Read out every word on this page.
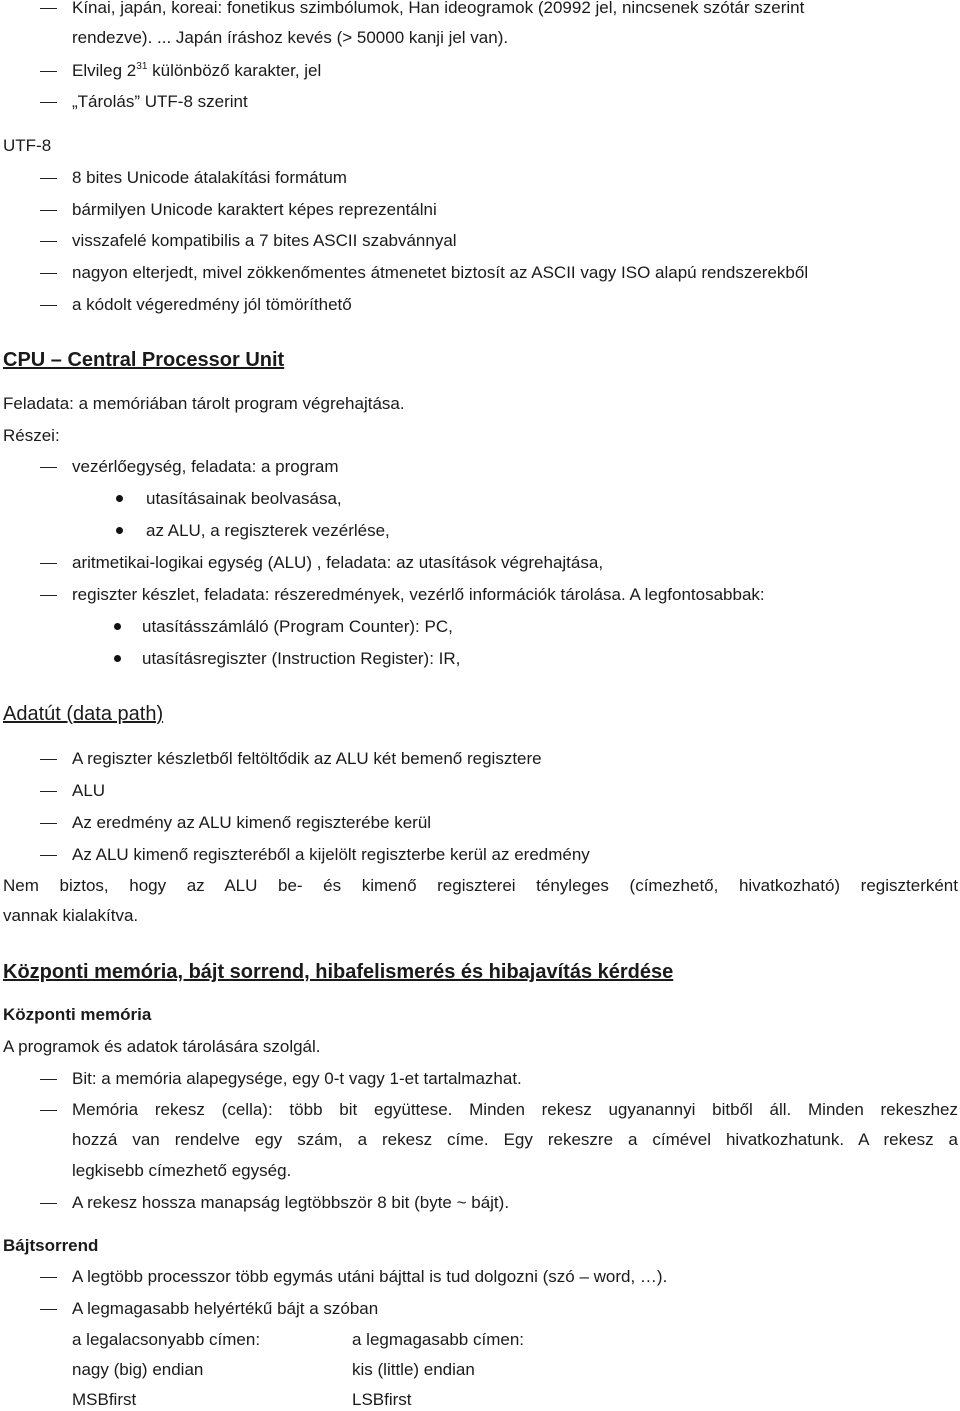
Kínai, japán, koreai: fonetikus szimbólumok, Han ideogramok (20992 jel, nincsenek szótár szerint
rendezve). ... Japán íráshoz kevés (> 50000 kanji jel van).
Elvileg $2^{31}$ különböző karakter, jel
„Tárolás” UTF-8 szerint
UTF-8
8 bites Unicode átalakítási formátum
bármilyen Unicode karaktert képes reprezentálni
visszafelé kompatibilis a 7 bites ASCII szabvánnyal
nagyon elterjedt, mivel zökkenőmentes átmenetet biztosít az ASCII vagy ISO alapú rendszerekből
a kódolt végeredmény jól tömöríthető
CPU – Central Processor Unit
Feladata: a memóriában tárolt program végrehajtása.
Részei:
vezérlőegység, feladata: a program
utasításainak beolvasása,
az ALU, a regiszterek vezérlése,
aritmetikai-logikai egység (ALU) , feladata: az utasítások végrehajtása,
regiszter készlet, feladata: részeredmények, vezérlő információk tárolása. A legfontosabbak:
utasításszámláló (Program Counter): PC,
utasításregiszter (Instruction Register): IR,
Adatút (data path)
A regiszter készletből feltöltődik az ALU két bemenő regisztere
ALU
Az eredmény az ALU kimenő regiszterébe kerül
Az ALU kimenő regiszteréből a kijelölt regiszterbe kerül az eredmény
Nem biztos, hogy az ALU be- és kimenő regiszterei tényleges (címezhető, hivatkozható) regiszterként
vannak kialakítva.
Központi memória, bájt sorrend, hibafelismerés és hibajavítás kérdése
Központi memória
A programok és adatok tárolására szolgál.
Bit: a memória alapegysége, egy 0-t vagy 1-et tartalmazhat.
Memória rekesz (cella): több bit együttese. Minden rekesz ugyanannyi bitből áll. Minden rekeszhez
hozzá van rendelve egy szám, a rekesz címe. Egy rekeszre a címével hivatkozhatunk. A rekesz a
legkisebb címezhető egység.
A rekesz hossza manapság legtöbbször 8 bit (byte ~ bájt).
Bájtsorrend
A legtöbb processzor több egymás utáni bájttal is tud dolgozni (szó – word, …).
A legmagasabb helyértékű bájt a szóban
a legalacsonyabb címen:	a legmagasabb címen:
nagy (big) endian	kis (little) endian
MSBfirst	LSBfirst
